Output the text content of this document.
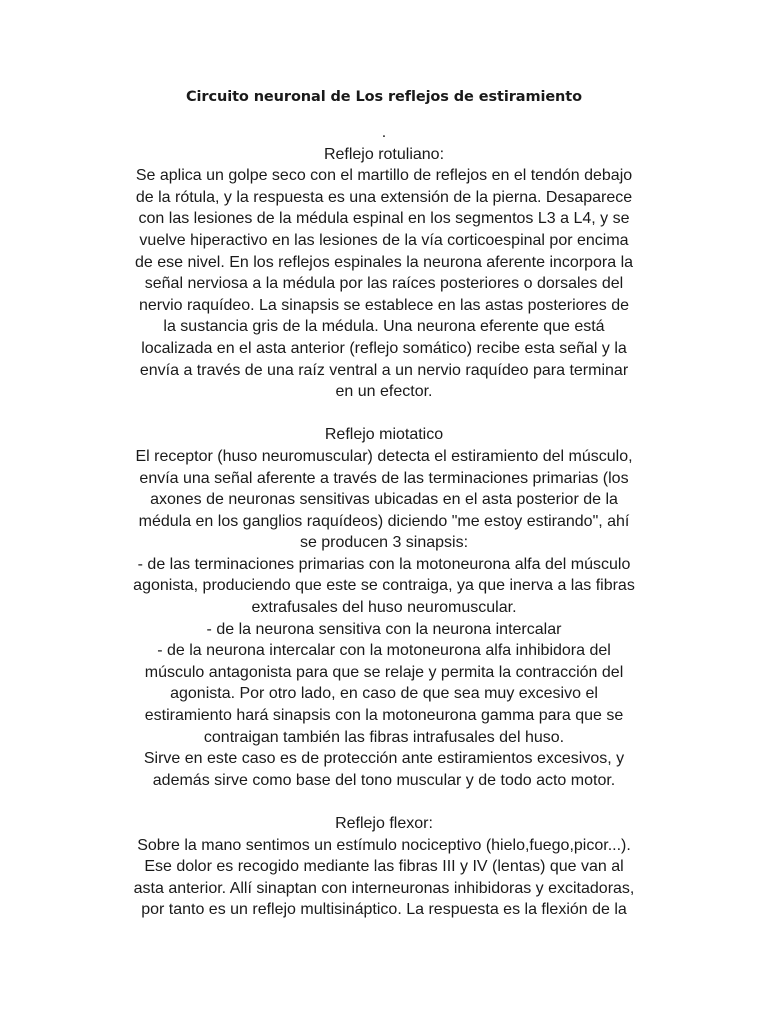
Circuito neuronal de Los reflejos de estiramiento
.
Reflejo rotuliano:
Se aplica un golpe seco con el martillo de reflejos en el tendón debajo
de la rótula, y la respuesta es una extensión de la pierna. Desaparece
con las lesiones de la médula espinal en los segmentos L3 a L4, y se
vuelve hiperactivo en las lesiones de la vía corticoespinal por encima
de ese nivel. En los reflejos espinales la neurona aferente incorpora la
señal nerviosa a la médula por las raíces posteriores o dorsales del
nervio raquídeo. La sinapsis se establece en las astas posteriores de
la sustancia gris de la médula. Una neurona eferente que está
localizada en el asta anterior (reflejo somático) recibe esta señal y la
envía a través de una raíz ventral a un nervio raquídeo para terminar
en un efector.
Reflejo miotatico
El receptor (huso neuromuscular) detecta el estiramiento del músculo,
envía una señal aferente a través de las terminaciones primarias (los
axones de neuronas sensitivas ubicadas en el asta posterior de la
médula en los ganglios raquídeos) diciendo "me estoy estirando", ahí
se producen 3 sinapsis:
- de las terminaciones primarias con la motoneurona alfa del músculo
agonista, produciendo que este se contraiga, ya que inerva a las fibras
extrafusales del huso neuromuscular.
- de la neurona sensitiva con la neurona intercalar
- de la neurona intercalar con la motoneurona alfa inhibidora del
músculo antagonista para que se relaje y permita la contracción del
agonista. Por otro lado, en caso de que sea muy excesivo el
estiramiento hará sinapsis con la motoneurona gamma para que se
contraigan también las fibras intrafusales del huso.
Sirve en este caso es de protección ante estiramientos excesivos, y
además sirve como base del tono muscular y de todo acto motor.
Reflejo flexor:
Sobre la mano sentimos un estímulo nociceptivo (hielo,fuego,picor...).
Ese dolor es recogido mediante las fibras III y IV (lentas) que van al
asta anterior. Allí sinaptan con interneuronas inhibidoras y excitadoras,
por tanto es un reflejo multisináptico. La respuesta es la flexión de la
